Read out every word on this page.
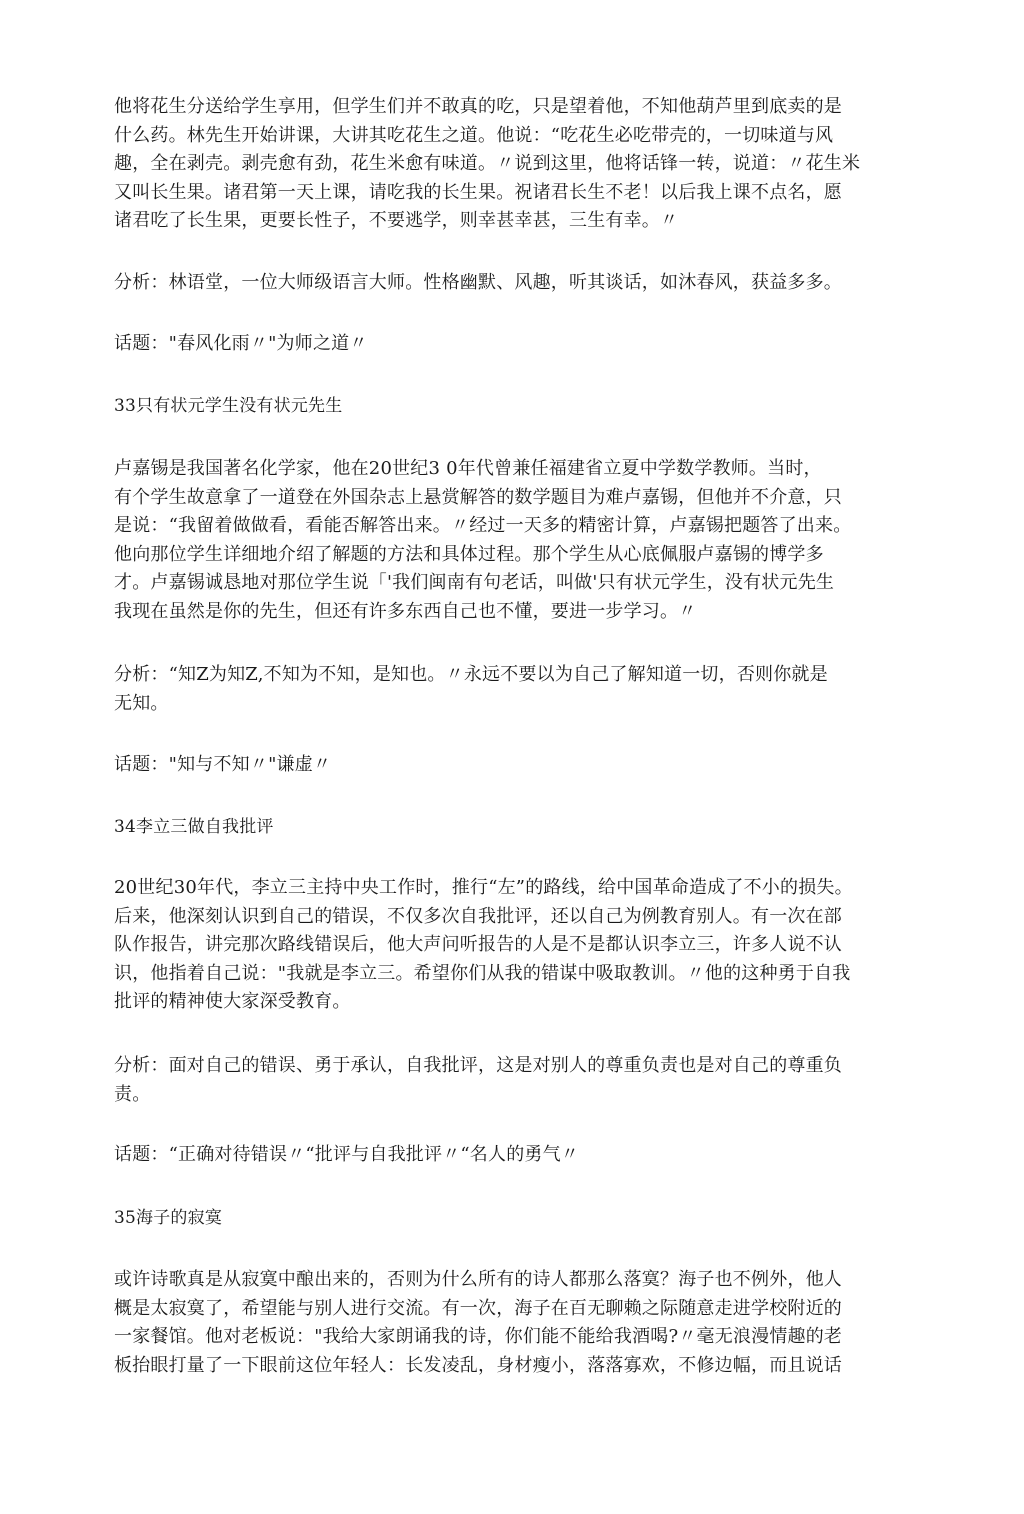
他将花生分送给学生享用，但学生们并不敢真的吃，只是望着他，不知他葫芦里到底卖的是
什么药。林先生开始讲课，大讲其吃花生之道。他说：“吃花生必吃带壳的，一切味道与风
趣，全在剥壳。剥壳愈有劲，花生米愈有味道。〃说到这里，他将话锋一转，说道：〃花生米
又叫长生果。诸君第一天上课，请吃我的长生果。祝诸君长生不老！以后我上课不点名，愿
诸君吃了长生果，更要长性子，不要逃学，则幸甚幸甚，三生有幸。〃
分析：林语堂，一位大师级语言大师。性格幽默、风趣，听其谈话，如沐春风，获益多多。
话题："春风化雨〃"为师之道〃
33只有状元学生没有状元先生
卢嘉锡是我国著名化学家，他在20世纪3 0年代曾兼任福建省立夏中学数学教师。当时，
有个学生故意拿了一道登在外国杂志上悬赏解答的数学题目为难卢嘉锡，但他并不介意，只
是说：“我留着做做看，看能否解答出来。〃经过一天多的精密计算，卢嘉锡把题答了出来。
他向那位学生详细地介绍了解题的方法和具体过程。那个学生从心底佩服卢嘉锡的博学多
才。卢嘉锡诚恳地对那位学生说「'我们闽南有句老话，叫做'只有状元学生，没有状元先生
我现在虽然是你的先生，但还有许多东西自己也不懂，要进一步学习。〃
分析：“知Z为知Z,不知为不知，是知也。〃永远不要以为自己了解知道一切，否则你就是
无知。
话题："知与不知〃"谦虚〃
34李立三做自我批评
20世纪30年代，李立三主持中央工作时，推行“左”的路线，给中国革命造成了不小的损失。
后来，他深刻认识到自己的错误，不仅多次自我批评，还以自己为例教育别人。有一次在部
队作报告，讲完那次路线错误后，他大声问听报告的人是不是都认识李立三，许多人说不认
识，他指着自己说："我就是李立三。希望你们从我的错谋中吸取教训。〃他的这种勇于自我
批评的精神使大家深受教育。
分析：面对自己的错误、勇于承认，自我批评，这是对别人的尊重负责也是对自己的尊重负
责。
话题：“正确对待错误〃“批评与自我批评〃“名人的勇气〃
35海子的寂寞
或许诗歌真是从寂寞中酿出来的，否则为什么所有的诗人都那么落寞？海子也不例外，他人
概是太寂寞了，希望能与别人进行交流。有一次，海子在百无聊赖之际随意走进学校附近的
一家餐馆。他对老板说："我给大家朗诵我的诗，你们能不能给我酒喝?〃毫无浪漫情趣的老
板抬眼打量了一下眼前这位年轻人：长发凌乱，身材瘦小，落落寡欢，不修边幅，而且说话
